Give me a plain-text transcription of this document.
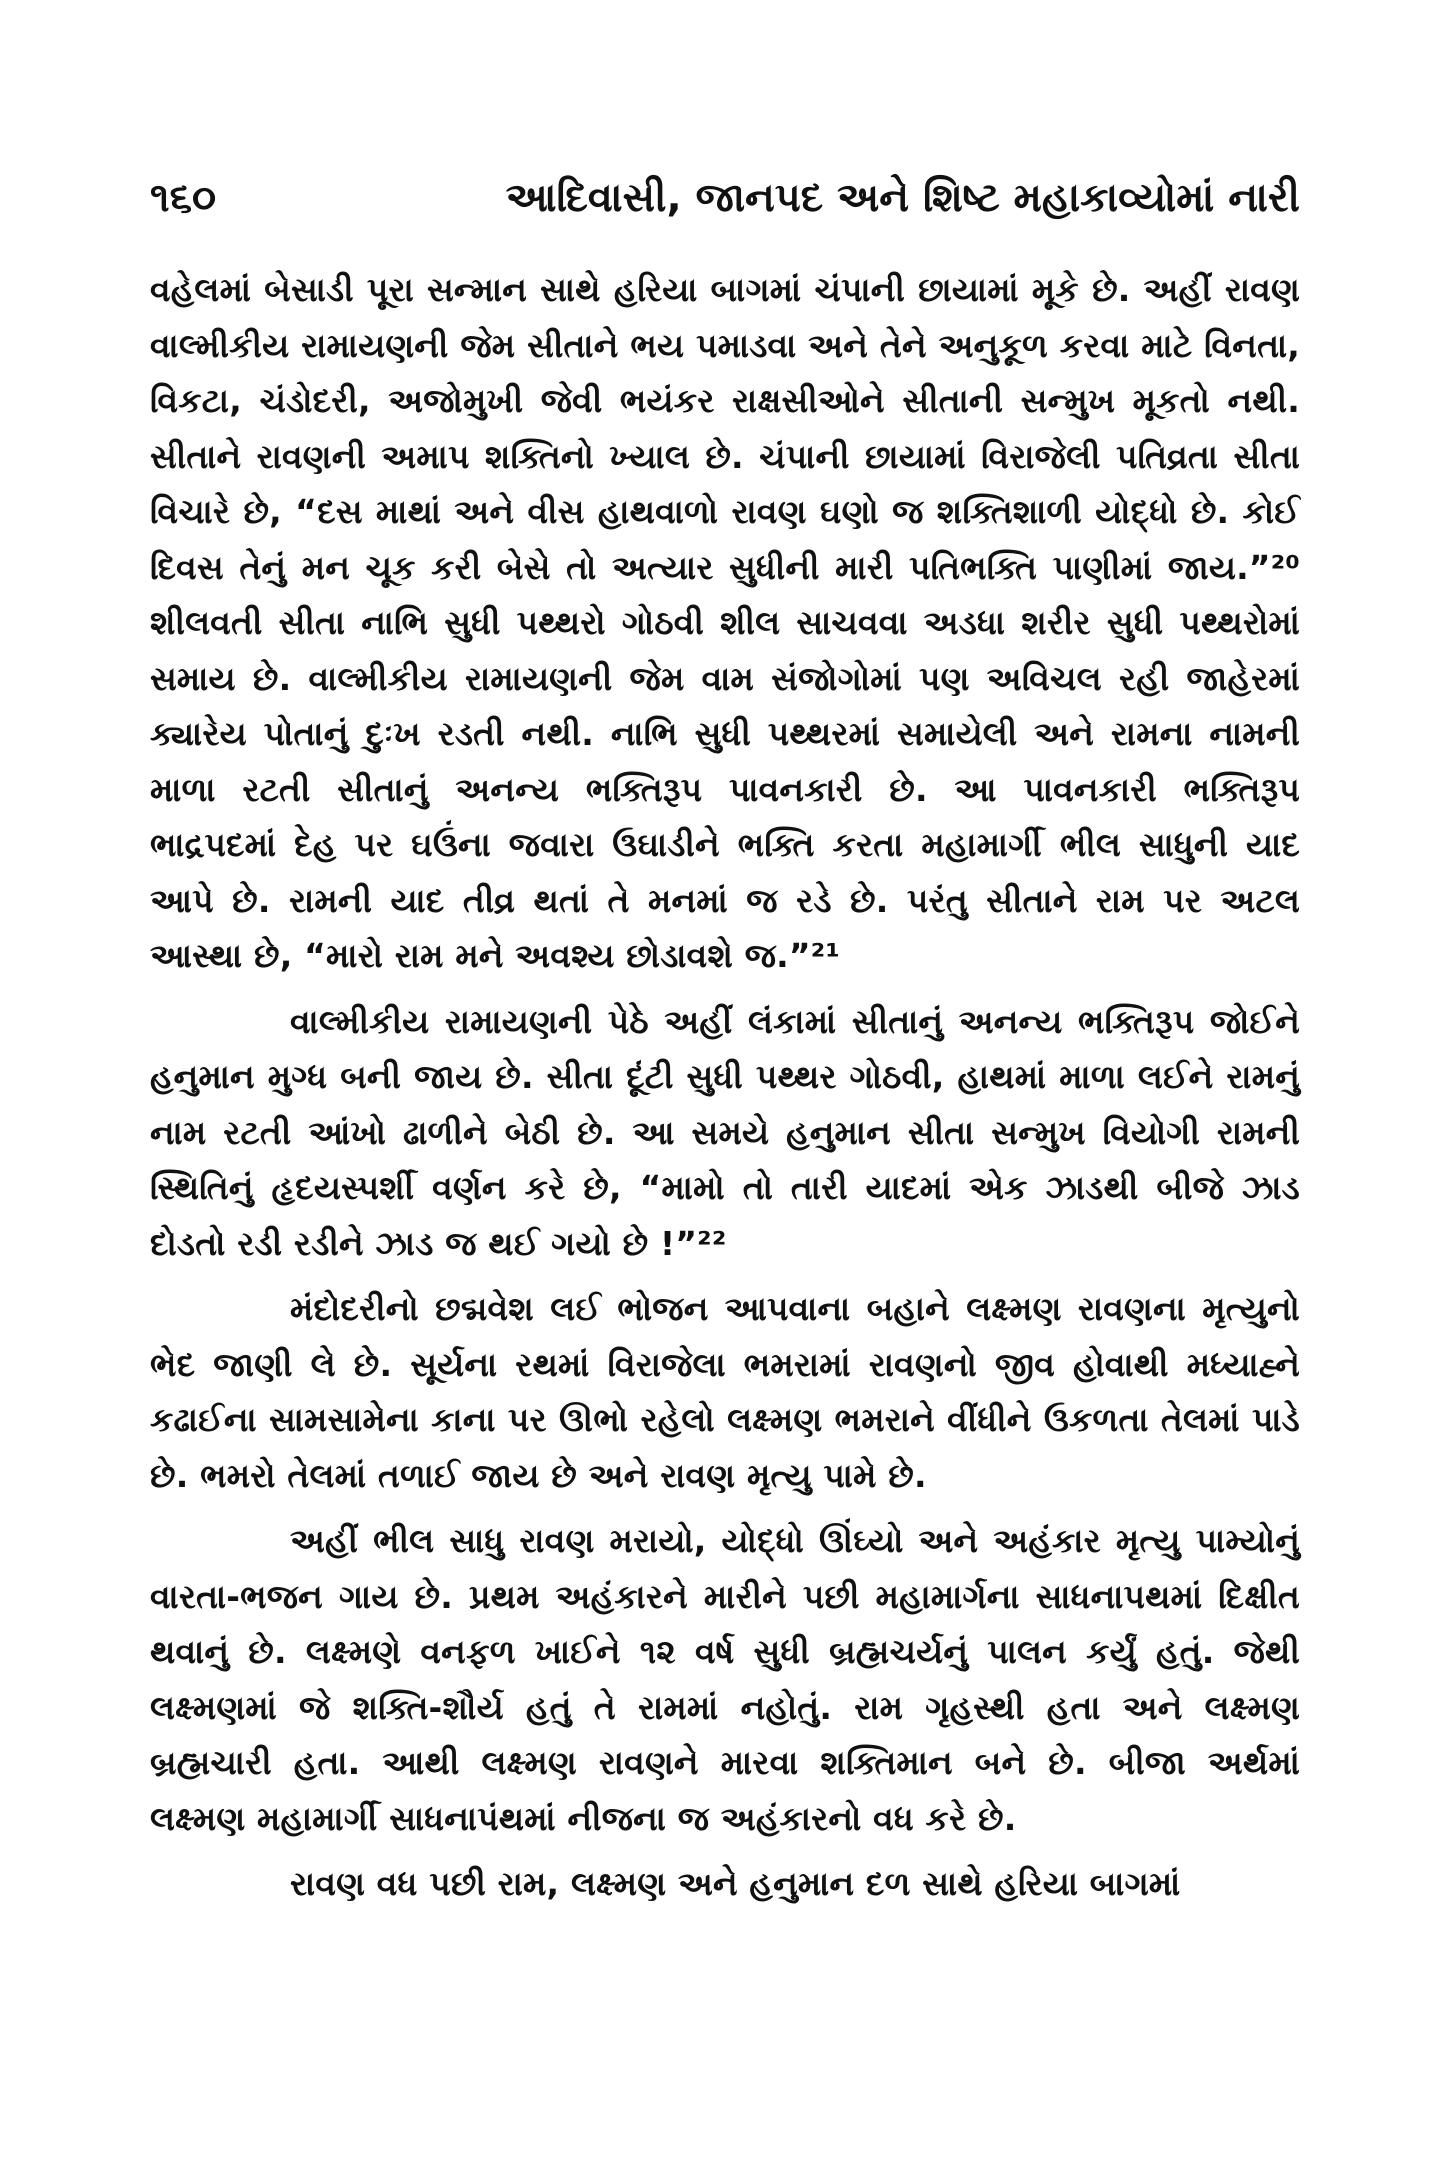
૧૬૦	આદિવાસી, જાનપદ અને શિષ્ટ મહાકાવ્યોમાં નારી

વહેલમાં બેસાડી પૂરા સન્માન સાથે હરિયા બાગમાં ચંપાની છાયામાં મૂકે છે. અહીં રાવણ વાલ્મીકીય રામાયણની જેમ સીતાને ભય પમાડવા અને તેને અનુકૂળ કરવા માટે વિનતા, વિકટા, ચંડોદરી, અજોમુખી જેવી ભયંકર રાક્ષસીઓને સીતાની સન્મુખ મૂકતો નથી. સીતાને રાવણની અમાપ શક્તિનો ખ્યાલ છે. ચંપાની છાયામાં વિરાજેલી પતિવ્રતા સીતા વિચારે છે, “દસ માથાં અને વીસ હાથવાળો રાવણ ઘણો જ શક્તિશાળી યોદ્ધો છે. કોઈ દિવસ તેનું મન ચૂક કરી બેસે તો અત્યાર સુધીની મારી પતિભક્તિ પાણીમાં જાય.”²⁰ શીલવતી સીતા નાભિ સુધી પથ્થરો ગોઠવી શીલ સાચવવા અડધા શરીર સુધી પથ્થરોમાં સમાય છે. વાલ્મીકીય રામાયણની જેમ વામ સંજોગોમાં પણ અવિચલ રહી જાહેરમાં ક્યારેય પોતાનું દુઃખ રડતી નથી. નાભિ સુધી પથ્થરમાં સમાયેલી અને રામના નામની માળા રટતી સીતાનું અનન્ય ભક્તિરૂપ પાવનકારી છે. આ પાવનકારી ભક્તિરૂપ ભાદ્રપદમાં દેહ પર ઘઉંના જવારા ઉઘાડીને ભક્તિ કરતા મહામાર્ગી ભીલ સાધુની યાદ આપે છે. રામની યાદ તીવ્ર થતાં તે મનમાં જ રડે છે. પરંતુ સીતાને રામ પર અટલ આસ્થા છે, “મારો રામ મને અવશ્ય છોડાવશે જ.”²¹

વાલ્મીકીય રામાયણની પેઠે અહીં લંકામાં સીતાનું અનન્ય ભક્તિરૂપ જોઈને હનુમાન મુગ્ધ બની જાય છે. સીતા દૂંટી સુધી પથ્થર ગોઠવી, હાથમાં માળા લઈને રામનું નામ રટતી આંખો ઢાળીને બેઠી છે. આ સમયે હનુમાન સીતા સન્મુખ વિયોગી રામની સ્થિતિનું હૃદયસ્પર્શી વર્ણન કરે છે, “મામો તો તારી યાદમાં એક ઝાડથી બીજે ઝાડ દોડતો રડી રડીને ઝાડ જ થઈ ગયો છે !”²²

મંદોદરીનો છદ્મવેશ લઈ ભોજન આપવાના બહાને લક્ષ્મણ રાવણના મૃત્યુનો ભેદ જાણી લે છે. સૂર્યના રથમાં વિરાજેલા ભમરામાં રાવણનો જીવ હોવાથી મધ્યાહ્ને કઢાઈના સામસામેના કાના પર ઊભો રહેલો લક્ષ્મણ ભમરાને વીંધીને ઉકળતા તેલમાં પાડે છે. ભમરો તેલમાં તળાઈ જાય છે અને રાવણ મૃત્યુ પામે છે.

અહીં ભીલ સાધુ રાવણ મરાયો, યોદ્ધો ઊંઘ્યો અને અહંકાર મૃત્યુ પામ્યોનું વારતા-ભજન ગાય છે. પ્રથમ અહંકારને મારીને પછી મહામાર્ગના સાધનાપથમાં દિક્ષીત થવાનું છે. લક્ષ્મણે વનફળ ખાઈને ૧૨ વર્ષ સુધી બ્રહ્મચર્યનું પાલન કર્યું હતું. જેથી લક્ષ્મણમાં જે શક્તિ-શૌર્ય હતું તે રામમાં નહોતું. રામ ગૃહસ્થી હતા અને લક્ષ્મણ બ્રહ્મચારી હતા. આથી લક્ષ્મણ રાવણને મારવા શક્તિમાન બને છે. બીજા અર્થમાં લક્ષ્મણ મહામાર્ગી સાધનાપંથમાં નીજના જ અહંકારનો વધ કરે છે.

રાવણ વધ પછી રામ, લક્ષ્મણ અને હનુમાન દળ સાથે હરિયા બાગમાં
